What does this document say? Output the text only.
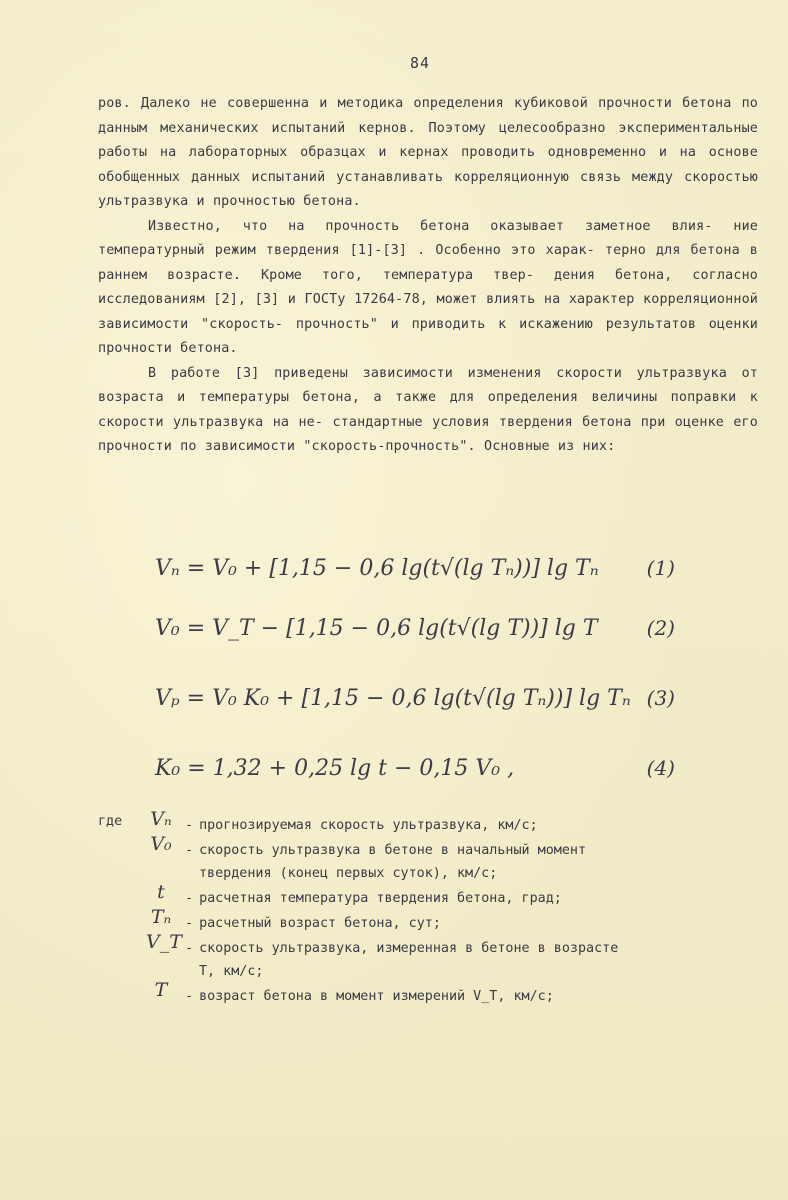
84

ров. Далеко не совершенна и методика определения кубиковой прочности бетона по данным механических испытаний кернов. Поэтому целесообразно экспериментальные работы на лабораторных образцах и кернах проводить одновременно и на основе обобщенных данных испытаний устанавливать корреляционную связь между скоростью ультразвука и прочностью бетона.

Известно, что на прочность бетона оказывает заметное влия- ние температурный режим твердения [1]-[3] . Особенно это харак- терно для бетона в раннем возрасте. Кроме того, температура твер- дения бетона, согласно исследованиям [2], [3] и ГОСТу 17264-78, может влиять на характер корреляционной зависимости "скорость- прочность" и приводить к искажению результатов оценки прочности бетона.

В работе [3] приведены зависимости изменения скорости ультразвука от возраста и температуры бетона, а также для определения величины поправки к скорости ультразвука на не- стандартные условия твердения бетона при оценке его прочности по зависимости "скорость-прочность". Основные из них:

Vₙ = V₀ + [1,15 − 0,6 lg(t√(lg Tₙ))] lg Tₙ (1)
V₀ = V_T − [1,15 − 0,6 lg(t√(lg T))] lg T (2)
Vₚ = V₀ K₀ + [1,15 − 0,6 lg(t√(lg Tₙ))] lg Tₙ (3)
K₀ = 1,32 + 0,25 lg t − 0,15 V₀ ,	(4)
где Vₙ - прогнозируемая скорость ультразвука, км/с;
V₀ - скорость ультразвука в бетоне в начальный момент
твердения (конец первых суток), км/с;
t	- расчетная температура твердения бетона, град;
Tₙ	- расчетный возраст бетона, сут;
V_T - скорость ультразвука, измеренная в бетоне в возрасте
T, км/с;
T	- возраст бетона в момент измерений V_T, км/с;
